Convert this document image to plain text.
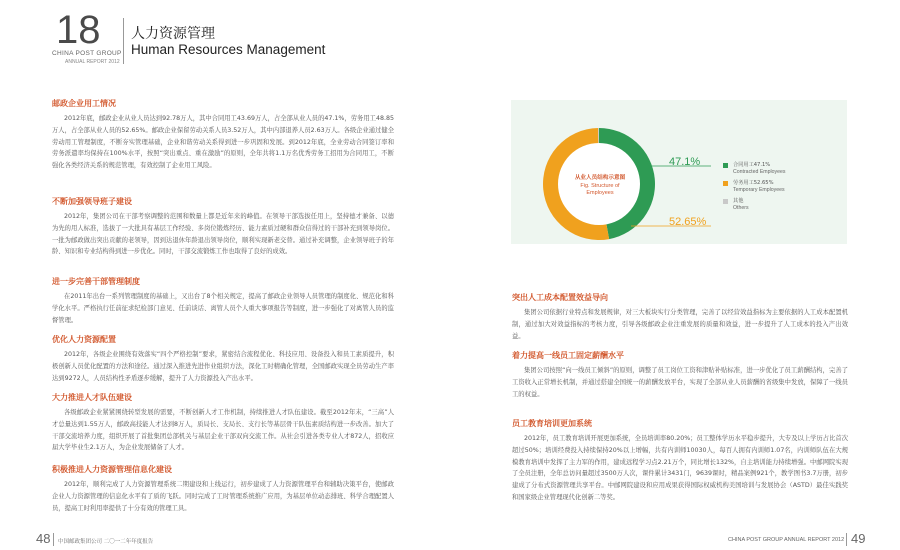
18
CHINA POST GROUP
ANNUAL REPORT 2012
人力资源管理
Human Resources Management
邮政企业用工情况
2012年底，邮政企业从业人员达到92.78万人，其中合同用工43.69万人，占全部从业人员的47.1%，劳务用工48.85万人，占全部从业人员的52.65%。邮政企业保留劳动关系人员3.52万人，其中内部退养人员2.63万人。各级企业通过健全劳动用工管理制度，不断夯实管理基础，企业和谐劳动关系得到进一步巩固和发展。到2012年底，全业劳动合同签订率和劳务派遣率均保持在100%水平，按照“突出重点、重在激励”的原则，全年共将1.1万名优秀劳务工招用为合同用工，不断强化各类经济关系的规范管理，有效控制了企业用工风险。
不断加强领导班子建设
2012年，集团公司在干部考察调整的范围和数量上都是近年来的峰值。在领导干部选拔任用上，坚持德才兼备、以德为先的用人标准，选拔了一大批具有基层工作经验、多岗位锻炼经历、能力素质过硬和群众信得过的干部补充到领导岗位。一批为邮政做出突出贡献的老领导，因到达退休年龄退出领导岗位，顺利实现新老交替。通过补充调整，企业领导班子的年龄、知识和专业结构得到进一步优化。同时，干部交流锻炼工作也取得了良好的成效。
进一步完善干部管理制度
在2011年出台一系列管理制度的基础上，又出台了8个相关规定，提高了邮政企业领导人员管理的制度化、规范化和科学化水平。严格执行任前征求纪检部门意见、任前谈话、离管人员个人重大事项报告等制度，进一步强化了对离管人员的监督管理。
优化人力资源配置
2012年，各级企业围绕有效落实“四个严格控制”要求，紧密结合流程优化、科技应用、设备投入和员工素质提升，积极创新人员优化配置的方法和途径。通过深入推进先进作业组织方法，深化工时精确化管理，全国邮政实现全员劳动生产率达到9272人，人员结构性矛盾逐步缓解，提升了人力资源投入产出水平。
大力推进人才队伍建设
各级邮政企业紧紧围绕转型发展的需要，不断创新人才工作机制，持续推进人才队伍建设。截至2012年末，“三高”人才总量达到1.55万人，邮政高技能人才达到8万人，质局长、支局长、支行长等基层骨干队伍素质结构进一步改善。加大了干部交流培养力度，组织开展了首批集团总部机关与基层企业干部双向交流工作。从社会引进各类专业人才872人，招收应届大学毕业生2.1万人，为企业发展储备了人才。
积极推进人力资源管理信息化建设
2012年，顺利完成了人力资源管理系统二期建设和上线运行，初步建成了人力资源管理平台和辅助决策平台，使邮政企业人力资源管理的信息化水平有了质的飞跃。同时完成了工时管理系统推广应用，为基层单位动态排班、科学合理配置人员，提高工时利用率提供了十分有效的管理工具。
从业人员结构示意图
Fig. Structure of Employees
47.1%
52.65%
合同用工47.1%
Contracted Employees
劳务用工52.65%
Temporary Employees
其他
Others
突出人工成本配置效益导向
集团公司依据行业特点和发展规律，对三大板块实行分类管理，完善了以经营效益指标为主要依据的人工成本配置机制，通过加大对效益指标的考核力度，引导各级邮政企业注重发展的质量和效益，进一步提升了人工成本的投入产出效益。
着力提高一线员工固定薪酬水平
集团公司按照“向一线员工倾斜”的原则，调整了员工岗位工资和津贴补贴标准，进一步优化了员工薪酬结构，完善了工资收入正常增长机制，并通过搭建全国统一的薪酬发放平台，实现了全部从业人员薪酬的省级集中发放，保障了一线员工的权益。
员工教育培训更加系统
2012年，员工教育培训开展更加系统，全员培训率80.20%；员工整体学历水平稳步提升，大专及以上学历占比首次超过50%；培训经费投入持续保持20%以上增幅，共有内训师10030人，每百人拥有内训师1.07名，内训师队伍在大规模教育培训中发挥了主力军的作用，建成远程学习点2.21万个，同比增长132%，自主培训能力持续增强。中邮网院实现了全员注册，全年总访问量超过3500万人次，课件累计3431门，9639课时，精品案例921个，教学图书3.7万册，初步建成了分布式资源管理共享平台。中邮网院建设和应用成果获得国际权威机构美国培训与发展协会（ASTD）最佳实践奖和国家级企业管理现代化创新二等奖。
48 中国邮政集团公司 二〇一二年年度报告	CHINA POST GROUP ANNUAL REPORT 2012 49
